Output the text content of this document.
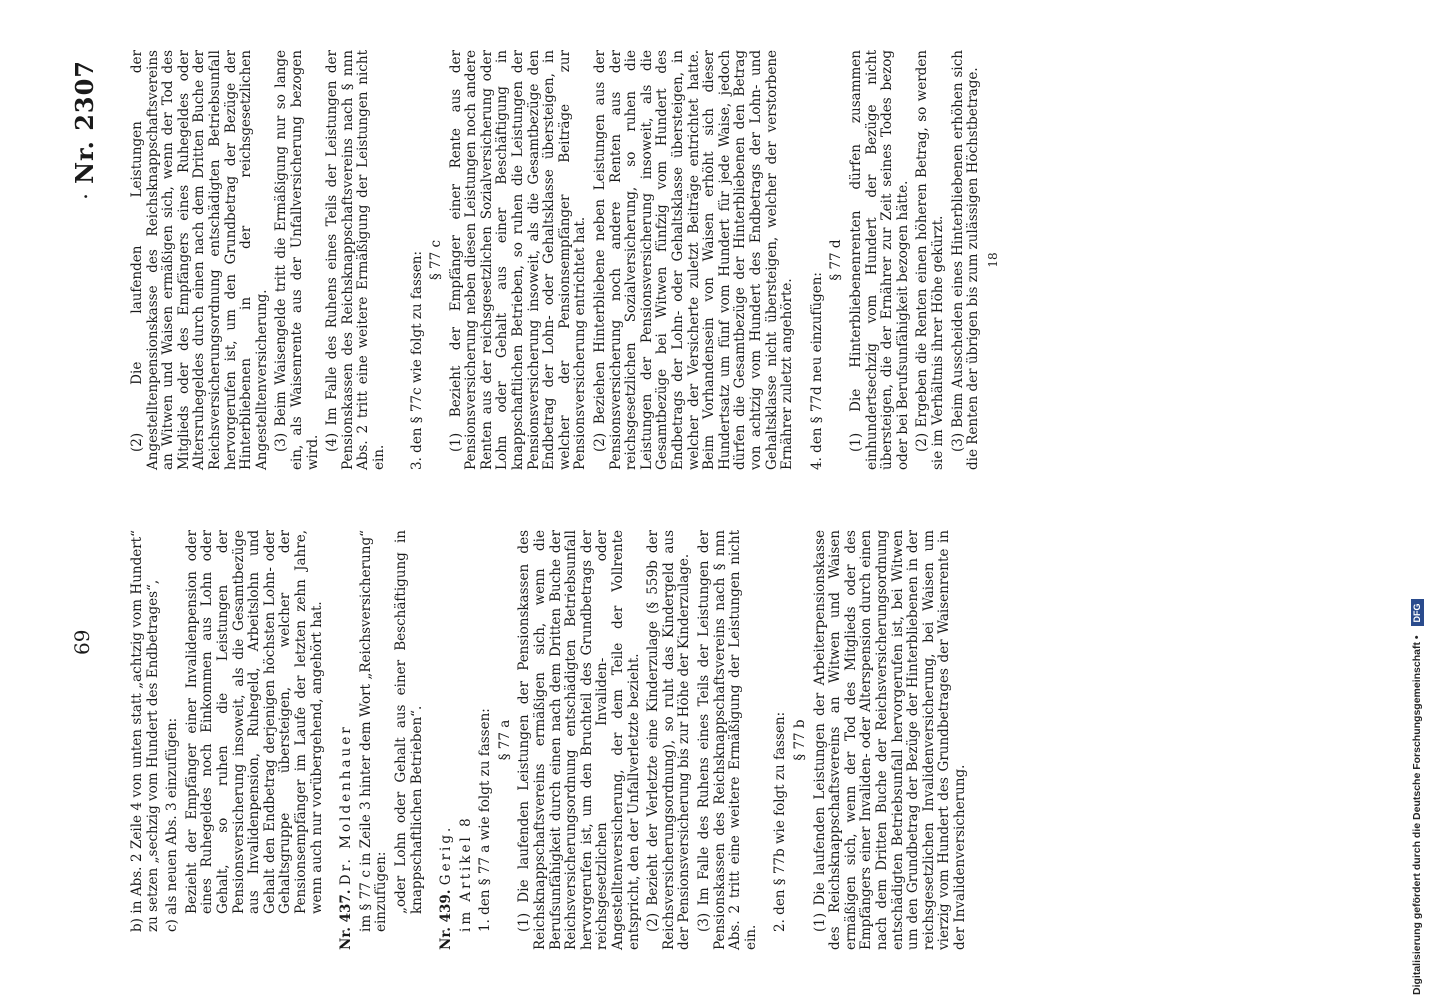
69
.
Nr. 2307

b) in Abs. 2 Zeile 4 von unten statt „achtzig vom Hundert“ zu setzen „sechzig vom Hundert des Endbetrages“, c) als neuen Abs. 3 einzufügen: Bezieht der Empfänger einer Invalidenpension oder eines Ruhegeldes noch Einkommen aus Lohn oder Gehalt, so ruhen die Leistungen der Pensionsversicherung insoweit, als die Gesamtbezüge aus Invalidenpension, Ruhegeld, Arbeitslohn und Gehalt den Endbetrag derjenigen höchsten Lohn- oder Gehaltsgruppe übersteigen, welcher der Pensionsempfänger im Laufe der letzten zehn Jahre, wenn auch nur vorübergehend, angehört hat.

Nr. 437. Dr. Moldenhauer im § 77 c in Zeile 3 hinter dem Wort „Reichsversicherung“ einzufügen: „oder Lohn oder Gehalt aus einer Beschäftigung in knappschaftlichen Betrieben“.

Nr. 439. Gerig. im Artikel 8 1. den § 77 a wie folgt zu fassen: § 77 a (1) Die laufenden Leistungen der Pensionskassen des Reichsknappschaftsvereins ermäßigen sich, wenn die Berufsunfähigkeit durch einen nach dem Dritten Buche der Reichsversicherungsordnung entschädigten Betriebsunfall hervorgerufen ist, um den Bruchteil des Grundbetrags der reichsgesetzlichen Invaliden- oder Angestelltenversicherung, der dem Teile der Vollrente entspricht, den der Unfallverletzte bezieht. (2) Bezieht der Verletzte eine Kinderzulage (§ 559b der Reichsversicherungsordnung), so ruht das Kindergeld aus der Pensionsversicherung bis zur Höhe der Kinderzulage. (3) Im Falle des Ruhens eines Teils der Leistungen der Pensionskassen des Reichsknappschaftsvereins nach § nnn Abs. 2 tritt eine weitere Ermäßigung der Leistungen nicht ein.

2. den § 77b wie folgt zu fassen: § 77 b (1) Die laufenden Leistungen der Arbeiterpensionskasse des Reichsknappschaftsvereins an Witwen und Waisen ermäßigen sich, wenn der Tod des Mitglieds oder des Empfängers einer Invaliden- oder Alterspension durch einen nach dem Dritten Buche der Reichsversicherungsordnung entschädigten Betriebsunfall hervorgerufen ist, bei Witwen um den Grundbetrag der Bezüge der Hinterbliebenen in der reichsgesetzlichen Invalidenversicherung, bei Waisen um vierzig vom Hundert des Grundbetrages der Waisenrente in der Invalidenversicherung.

(2) Die laufenden Leistungen der Angestelltenpensionskasse des Reichsknappschaftsvereins an Witwen und Waisen ermäßigen sich, wenn der Tod des Mitglieds oder des Empfängers eines Ruhegeldes oder Altersruhegeldes durch einen nach dem Dritten Buche der Reichsversicherungsordnung entschädigten Betriebsunfall hervorgerufen ist, um den Grundbetrag der Bezüge der Hinterbliebenen in der reichsgesetzlichen Angestelltenversicherung. (3) Beim Waisengelde tritt die Ermäßigung nur so lange ein, als Waisenrente aus der Unfallversicherung bezogen wird.

(4) Im Falle des Ruhens eines Teils der Leistungen der Pensionskassen des Reichsknappschaftsvereins nach § nnn Abs. 2 tritt eine weitere Ermäßigung der Leistungen nicht ein. 3. den § 77c wie folgt zu fassen: § 77 c (1) Bezieht der Empfänger einer Rente aus der Pensionsversicherung neben diesen Leistungen noch andere Renten aus der reichsgesetzlichen Sozialversicherung oder Lohn oder Gehalt aus einer Beschäftigung in knappschaftlichen Betrieben, so ruhen die Leistungen der Pensionsversicherung insoweit, als die Gesamtbezüge den Endbetrag der Lohn- oder Gehaltsklasse übersteigen, in welcher der Pensionsempfänger Beiträge zur Pensionsversicherung entrichtet hat. (2) Beziehen Hinterbliebene neben Leistungen aus der Pensionsversicherung noch andere Renten aus der reichsgesetzlichen Sozialversicherung, so ruhen die Leistungen der Pensionsversicherung insoweit, als die Gesamtbezüge bei Witwen fünfzig vom Hundert des Endbetrags der Lohn- oder Gehaltsklasse übersteigen, in welcher der Versicherte zuletzt Beiträge entrichtet hatte. Beim Vorhandensein von Waisen erhöht sich dieser Hundertsatz um fünf vom Hundert für jede Waise, jedoch dürfen die Gesamtbezüge der Hinterbliebenen den Betrag von achtzig vom Hundert des Endbetrags der Lohn- und Gehaltsklasse nicht übersteigen, welcher der verstorbene Ernährer zuletzt angehörte. 4. den § 77d neu einzufügen:

§ 77 d (1) Die Hinterbliebenenrenten dürfen zusammen einhundertsechzig vom Hundert der Bezüge nicht übersteigen, die der Ernährer zur Zeit seines Todes bezog oder bei Berufsunfähigkeit bezogen hätte. (2) Ergeben die Renten einen höheren Betrag, so werden sie im Verhältnis ihrer Höhe gekürzt. (3) Beim Ausscheiden eines Hinterbliebenen erhöhen sich die Renten der übrigen bis zum zulässigen Höchstbetrage. 18

Digitalisierung gefördert durch die Deutsche Forschungsgemeinschaft • DFG
